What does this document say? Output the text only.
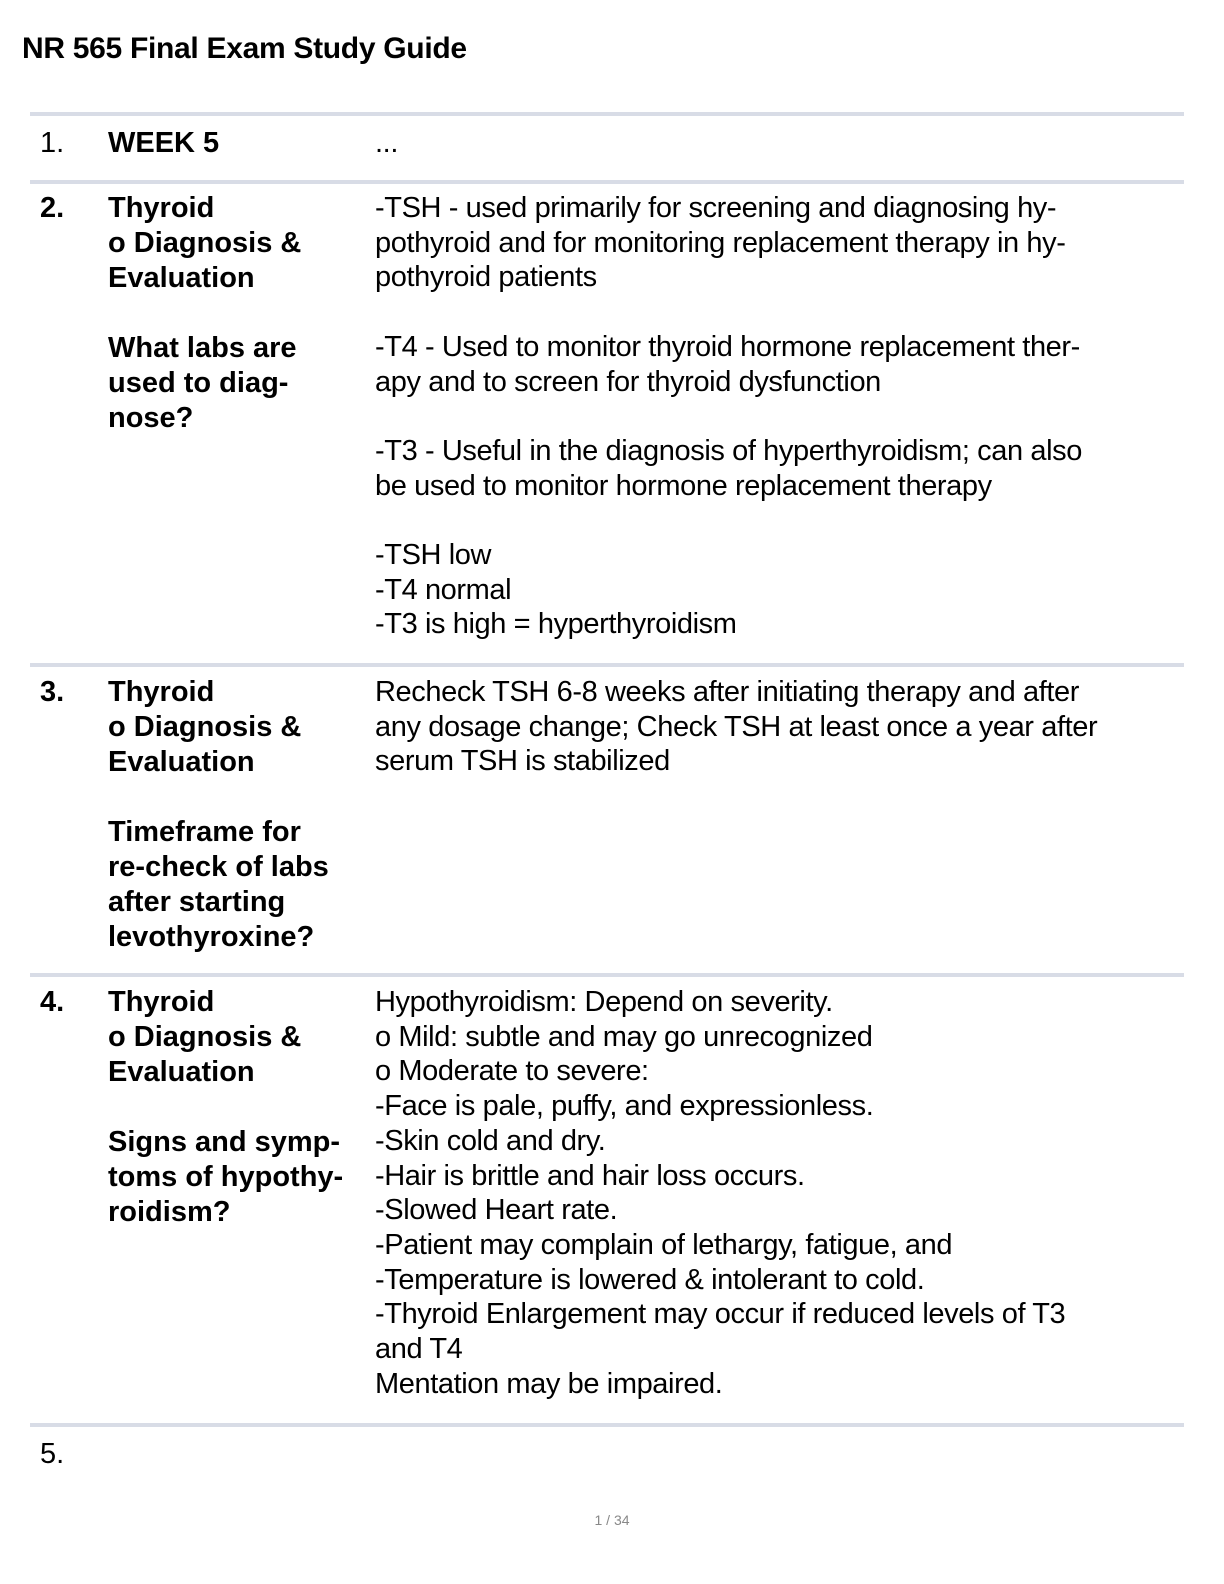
NR 565 Final Exam Study Guide
1. WEEK 5	...
2. Thyroid
o Diagnosis &
Evaluation

What labs are
used to diag-
nose?
-TSH - used primarily for screening and diagnosing hy-
pothyroid and for monitoring replacement therapy in hy-
pothyroid patients

-T4 - Used to monitor thyroid hormone replacement ther-
apy and to screen for thyroid dysfunction

-T3 - Useful in the diagnosis of hyperthyroidism; can also
be used to monitor hormone replacement therapy

-TSH low
-T4 normal
-T3 is high = hyperthyroidism
3. Thyroid
o Diagnosis &
Evaluation

Timeframe for
re-check of labs
after starting
levothyroxine?
Recheck TSH 6-8 weeks after initiating therapy and after
any dosage change; Check TSH at least once a year after
serum TSH is stabilized
4. Thyroid
o Diagnosis &
Evaluation

Signs and symp-
toms of hypothy-
roidism?
Hypothyroidism: Depend on severity.
o Mild: subtle and may go unrecognized
o Moderate to severe:
-Face is pale, puffy, and expressionless.
-Skin cold and dry.
-Hair is brittle and hair loss occurs.
-Slowed Heart rate.
-Patient may complain of lethargy, fatigue, and
-Temperature is lowered & intolerant to cold.
-Thyroid Enlargement may occur if reduced levels of T3
and T4
Mentation may be impaired.
5.
1 / 34
